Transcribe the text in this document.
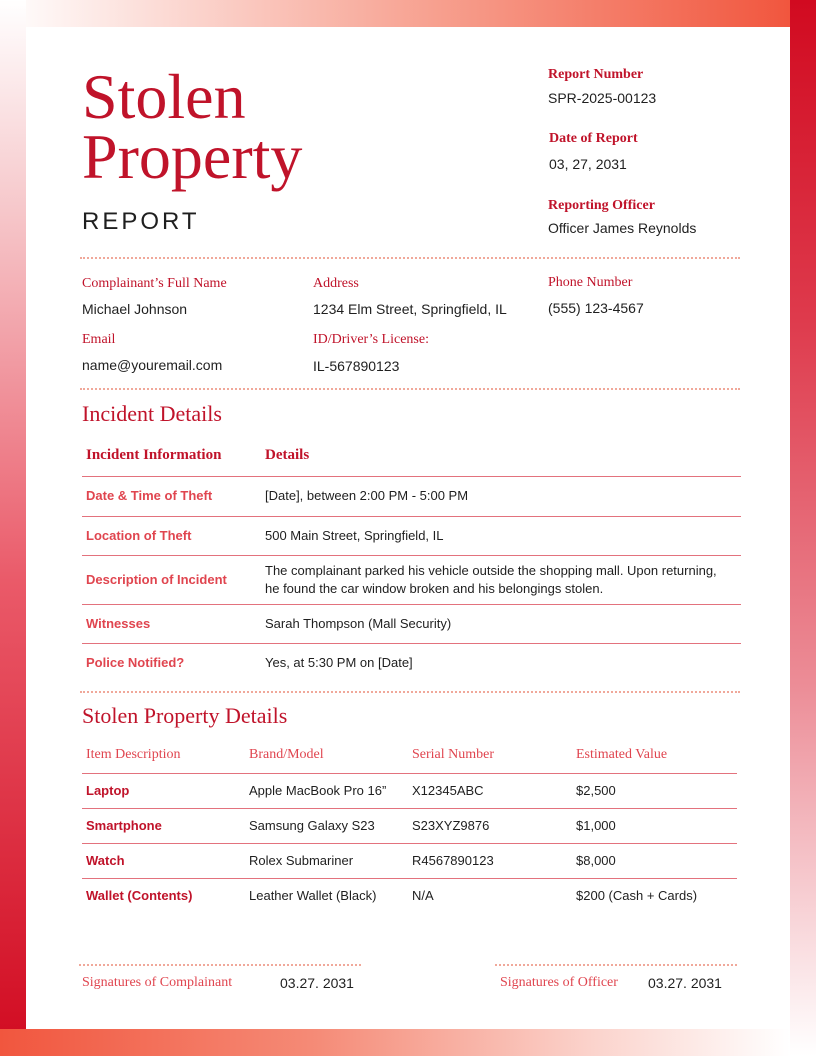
Stolen
Property
REPORT
Report Number
SPR-2025-00123
Date of Report
03, 27, 2031
Reporting Officer
Officer James Reynolds
Complainant’s Full Name
Michael Johnson
Address
1234 Elm Street, Springfield, IL
Phone Number
(555) 123-4567
Email
name@youremail.com
ID/Driver’s License:
IL-567890123
Incident Details
Incident Information	Details
Date & Time of Theft	[Date], between 2:00 PM - 5:00 PM
Location of Theft	500 Main Street, Springfield, IL
Description of Incident	The complainant parked his vehicle outside the shopping mall. Upon returning, he found the car window broken and his belongings stolen.
Witnesses	Sarah Thompson (Mall Security)
Police Notified?	Yes, at 5:30 PM on [Date]
Stolen Property Details
Item Description	Brand/Model	Serial Number	Estimated Value
Laptop	Apple MacBook Pro 16”	X12345ABC	$2,500
Smartphone	Samsung Galaxy S23	S23XYZ9876	$1,000
Watch	Rolex Submariner	R4567890123	$8,000
Wallet (Contents)	Leather Wallet (Black)	N/A	$200 (Cash + Cards)
Signatures of Complainant	03.27. 2031	Signatures of Officer 03.27. 2031
